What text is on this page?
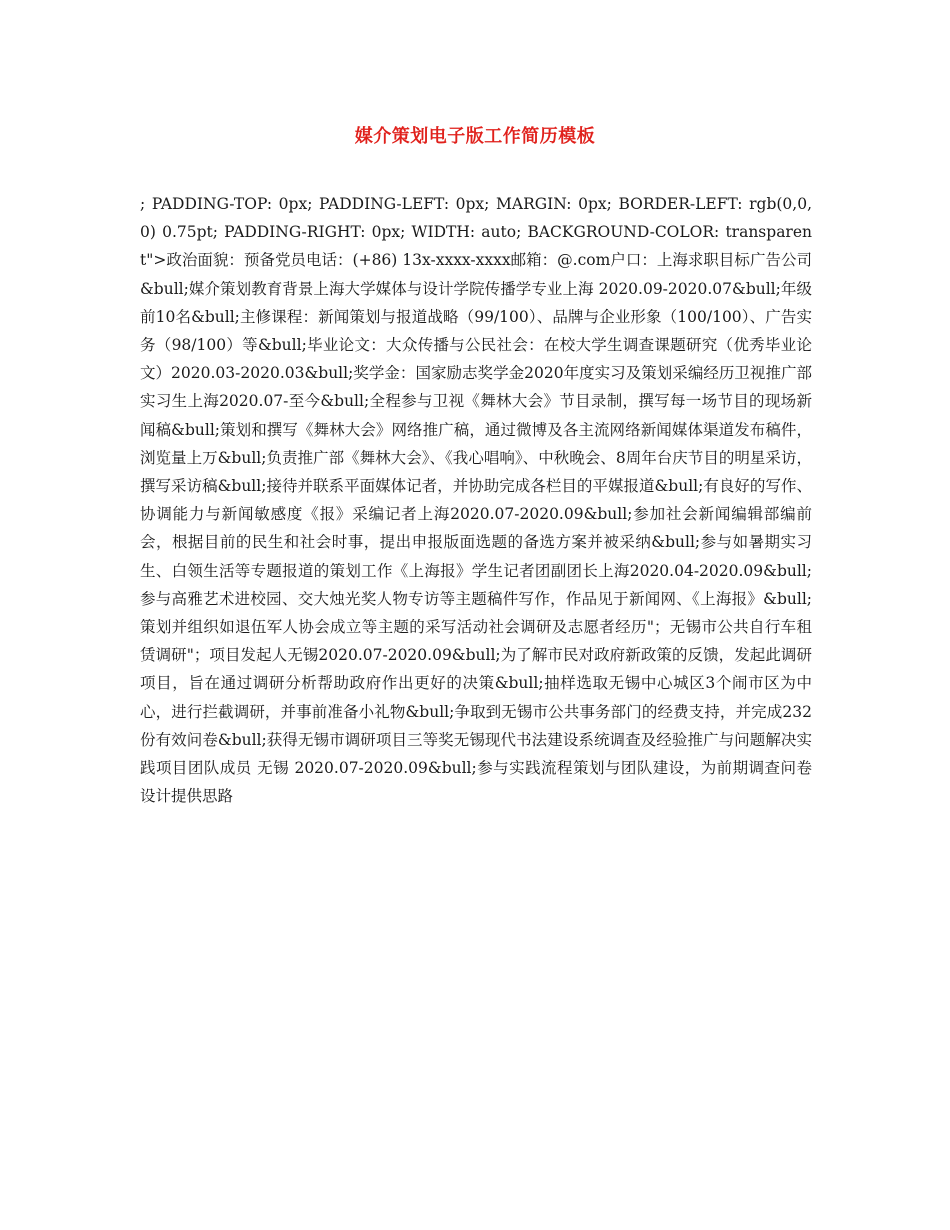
媒介策划电子版工作简历模板

; PADDING-TOP: 0px; PADDING-LEFT: 0px; MARGIN: 0px; BORDER-LEFT: rgb(0,0,0) 0.75pt; PADDING-RIGHT: 0px; WIDTH: auto; BACKGROUND-COLOR: transparent">政治面貌：预备党员电话：(+86) 13x-xxxx-xxxx邮箱：@.com户口：上海求职目标广告公司&bull;媒介策划教育背景上海大学媒体与设计学院传播学专业上海 2020.09-2020.07&bull;年级前10名&bull;主修课程：新闻策划与报道战略（99/100）、品牌与企业形象（100/100）、广告实务（98/100）等&bull;毕业论文：大众传播与公民社会：在校大学生调查课题研究（优秀毕业论文）2020.03-2020.03&bull;奖学金：国家励志奖学金2020年度实习及策划采编经历卫视推广部实习生上海2020.07-至今&bull;全程参与卫视《舞林大会》节目录制，撰写每一场节目的现场新闻稿&bull;策划和撰写《舞林大会》网络推广稿，通过微博及各主流网络新闻媒体渠道发布稿件，浏览量上万&bull;负责推广部《舞林大会》、《我心唱响》、中秋晚会、8周年台庆节目的明星采访，撰写采访稿&bull;接待并联系平面媒体记者，并协助完成各栏目的平媒报道&bull;有良好的写作、协调能力与新闻敏感度《报》采编记者上海2020.07-2020.09&bull;参加社会新闻编辑部编前会，根据目前的民生和社会时事，提出申报版面选题的备选方案并被采纳&bull;参与如暑期实习生、白领生活等专题报道的策划工作《上海报》学生记者团副团长上海2020.04-2020.09&bull;参与高雅艺术进校园、交大烛光奖人物专访等主题稿件写作，作品见于新闻网、《上海报》&bull;策划并组织如退伍军人协会成立等主题的采写活动社会调研及志愿者经历"；无锡市公共自行车租赁调研"；项目发起人无锡2020.07-2020.09&bull;为了解市民对政府新政策的反馈，发起此调研项目，旨在通过调研分析帮助政府作出更好的决策&bull;抽样选取无锡中心城区3个闹市区为中心，进行拦截调研，并事前准备小礼物&bull;争取到无锡市公共事务部门的经费支持，并完成232份有效问卷&bull;获得无锡市调研项目三等奖无锡现代书法建设系统调查及经验推广与问题解决实践项目团队成员 无锡 2020.07-2020.09&bull;参与实践流程策划与团队建设，为前期调查问卷设计提供思路
